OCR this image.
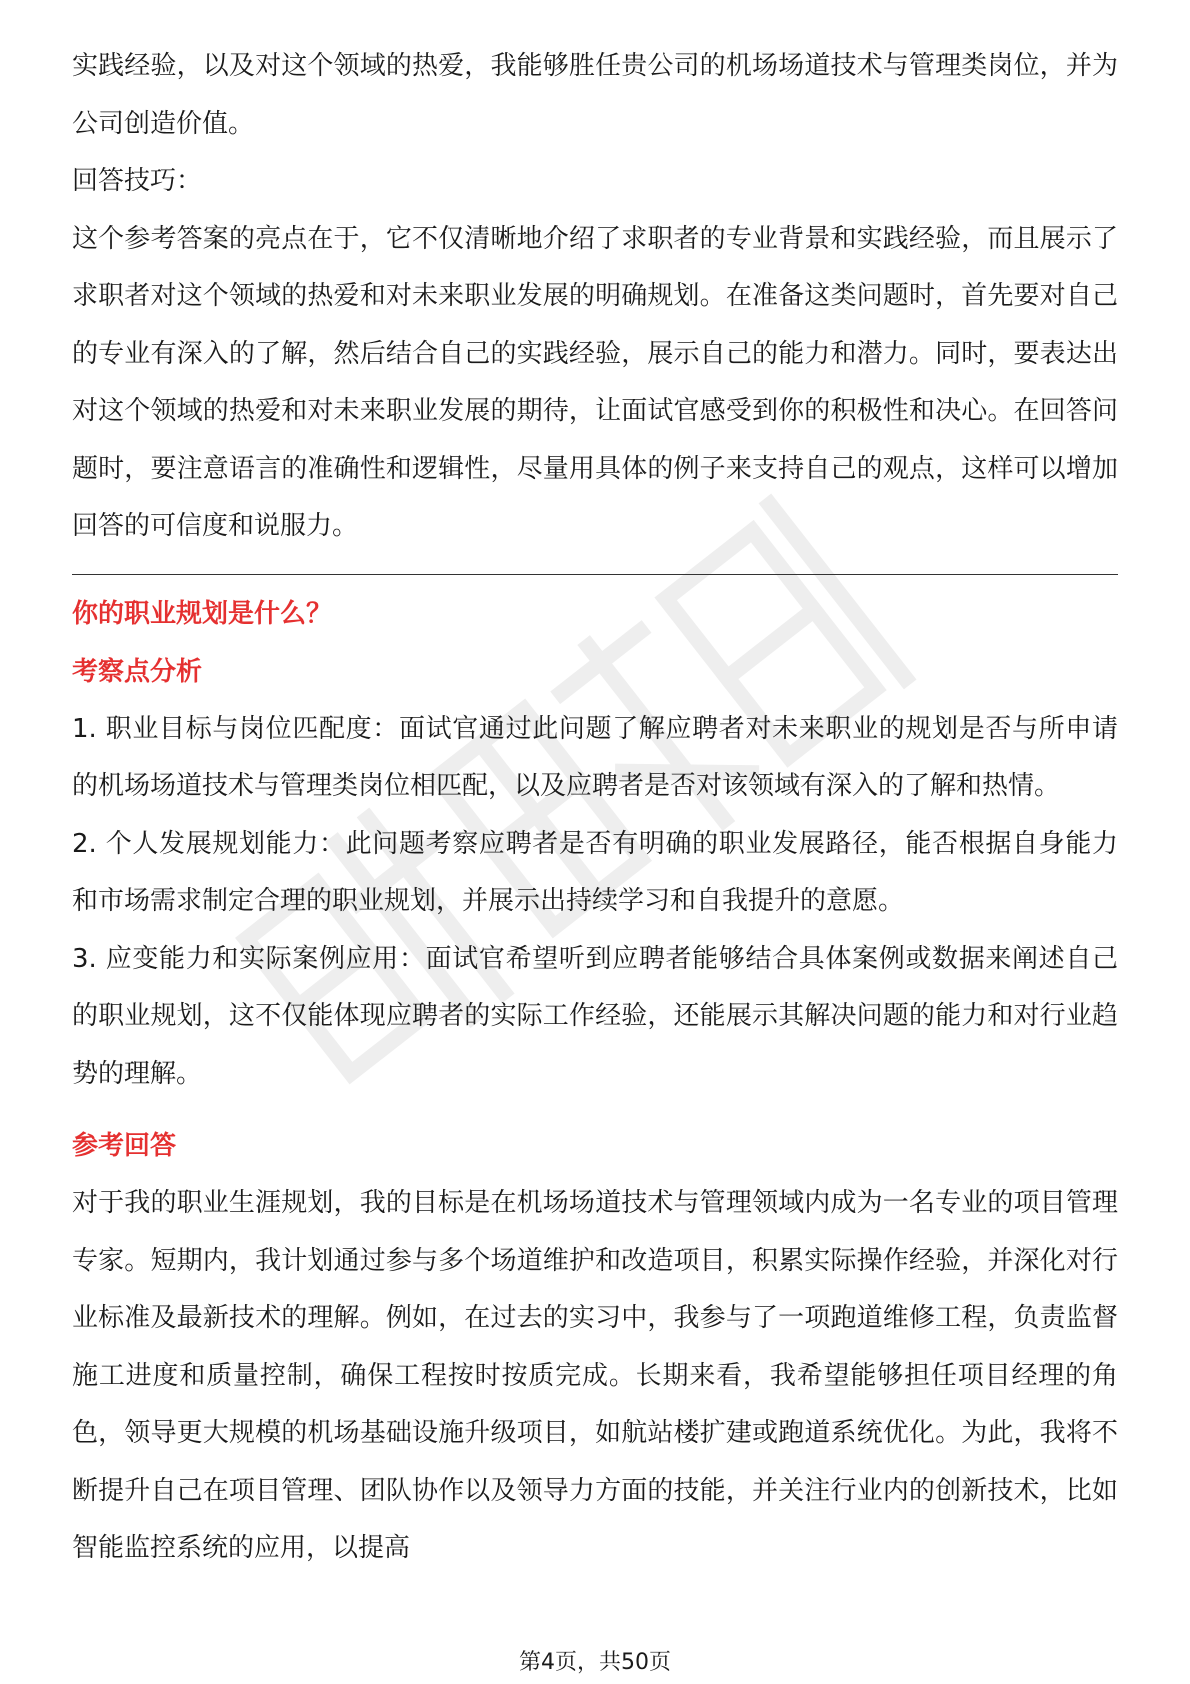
实践经验，以及对这个领域的热爱，我能够胜任贵公司的机场场道技术与管理类岗位，并为公司创造价值。

回答技巧：

这个参考答案的亮点在于，它不仅清晰地介绍了求职者的专业背景和实践经验，而且展示了求职者对这个领域的热爱和对未来职业发展的明确规划。在准备这类问题时，首先要对自己的专业有深入的了解，然后结合自己的实践经验，展示自己的能力和潜力。同时，要表达出对这个领域的热爱和对未来职业发展的期待，让面试官感受到你的积极性和决心。在回答问题时，要注意语言的准确性和逻辑性，尽量用具体的例子来支持自己的观点，这样可以增加回答的可信度和说服力。

你的职业规划是什么？

考察点分析

1. 职业目标与岗位匹配度：面试官通过此问题了解应聘者对未来职业的规划是否与所申请的机场场道技术与管理类岗位相匹配，以及应聘者是否对该领域有深入的了解和热情。

2. 个人发展规划能力：此问题考察应聘者是否有明确的职业发展路径，能否根据自身能力和市场需求制定合理的职业规划，并展示出持续学习和自我提升的意愿。

3. 应变能力和实际案例应用：面试官希望听到应聘者能够结合具体案例或数据来阐述自己的职业规划，这不仅能体现应聘者的实际工作经验，还能展示其解决问题的能力和对行业趋势的理解。

参考回答

对于我的职业生涯规划，我的目标是在机场场道技术与管理领域内成为一名专业的项目管理专家。短期内，我计划通过参与多个场道维护和改造项目，积累实际操作经验，并深化对行业标准及最新技术的理解。例如，在过去的实习中，我参与了一项跑道维修工程，负责监督施工进度和质量控制，确保工程按时按质完成。长期来看，我希望能够担任项目经理的角色，领导更大规模的机场基础设施升级项目，如航站楼扩建或跑道系统优化。为此，我将不断提升自己在项目管理、团队协作以及领导力方面的技能，并关注行业内的创新技术，比如智能监控系统的应用，以提高

第4页，共50页
